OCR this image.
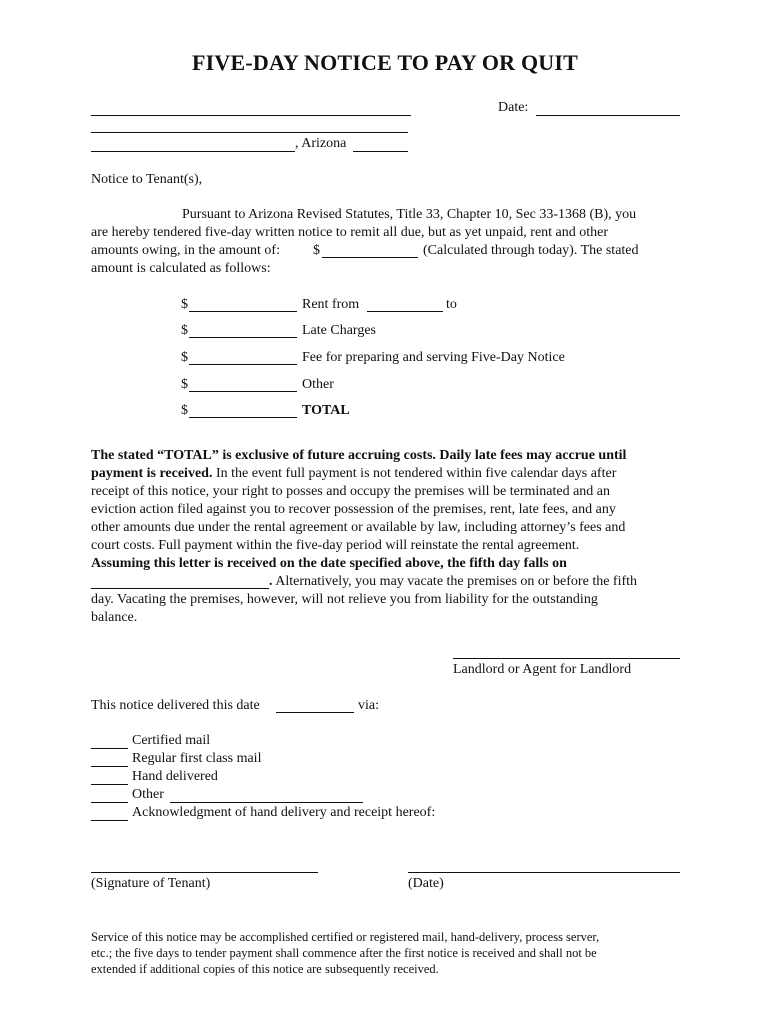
FIVE-DAY NOTICE TO PAY OR QUIT
Date:
, Arizona
Notice to Tenant(s),
Pursuant to Arizona Revised Statutes, Title 33, Chapter 10, Sec 33-1368 (B), you
are hereby tendered five-day written notice to remit all due, but as yet unpaid, rent and other
amounts owing, in the amount of: $	(Calculated through today). The stated
amount is calculated as follows:
$	Rent from	to
$	Late Charges
$	Fee for preparing and serving Five-Day Notice
$	Other
$	TOTAL
The stated “TOTAL” is exclusive of future accruing costs. Daily late fees may accrue until
payment is received. In the event full payment is not tendered within five calendar days after
receipt of this notice, your right to posses and occupy the premises will be terminated and an
eviction action filed against you to recover possession of the premises, rent, late fees, and any
other amounts due under the rental agreement or available by law, including attorney’s fees and
court costs. Full payment within the five-day period will reinstate the rental agreement.
Assuming this letter is received on the date specified above, the fifth day falls on
. Alternatively, you may vacate the premises on or before the fifth
day. Vacating the premises, however, will not relieve you from liability for the outstanding
balance.
Landlord or Agent for Landlord
This notice delivered this date	via:
Certified mail
Regular first class mail
Hand delivered
Other
Acknowledgment of hand delivery and receipt hereof:
(Signature of Tenant)	(Date)
Service of this notice may be accomplished certified or registered mail, hand-delivery, process server,
etc.; the five days to tender payment shall commence after the first notice is received and shall not be
extended if additional copies of this notice are subsequently received.
